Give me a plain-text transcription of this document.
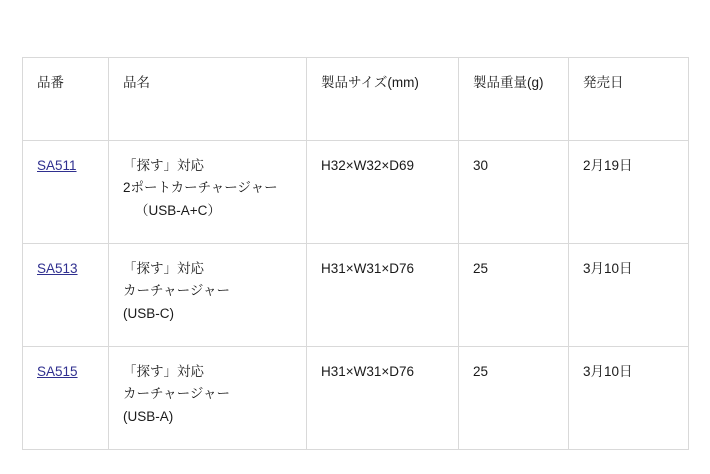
品番	品名	製品サイズ(mm)	製品重量(g)	発売日
SA511	「探す」対応
2ポートカーチャージャー
（USB-A+C）	H32×W32×D69	30	2月19日
SA513	「探す」対応
カーチャージャー
(USB-C)	H31×W31×D76	25	3月10日
SA515	「探す」対応
カーチャージャー
(USB-A)	H31×W31×D76	25	3月10日
